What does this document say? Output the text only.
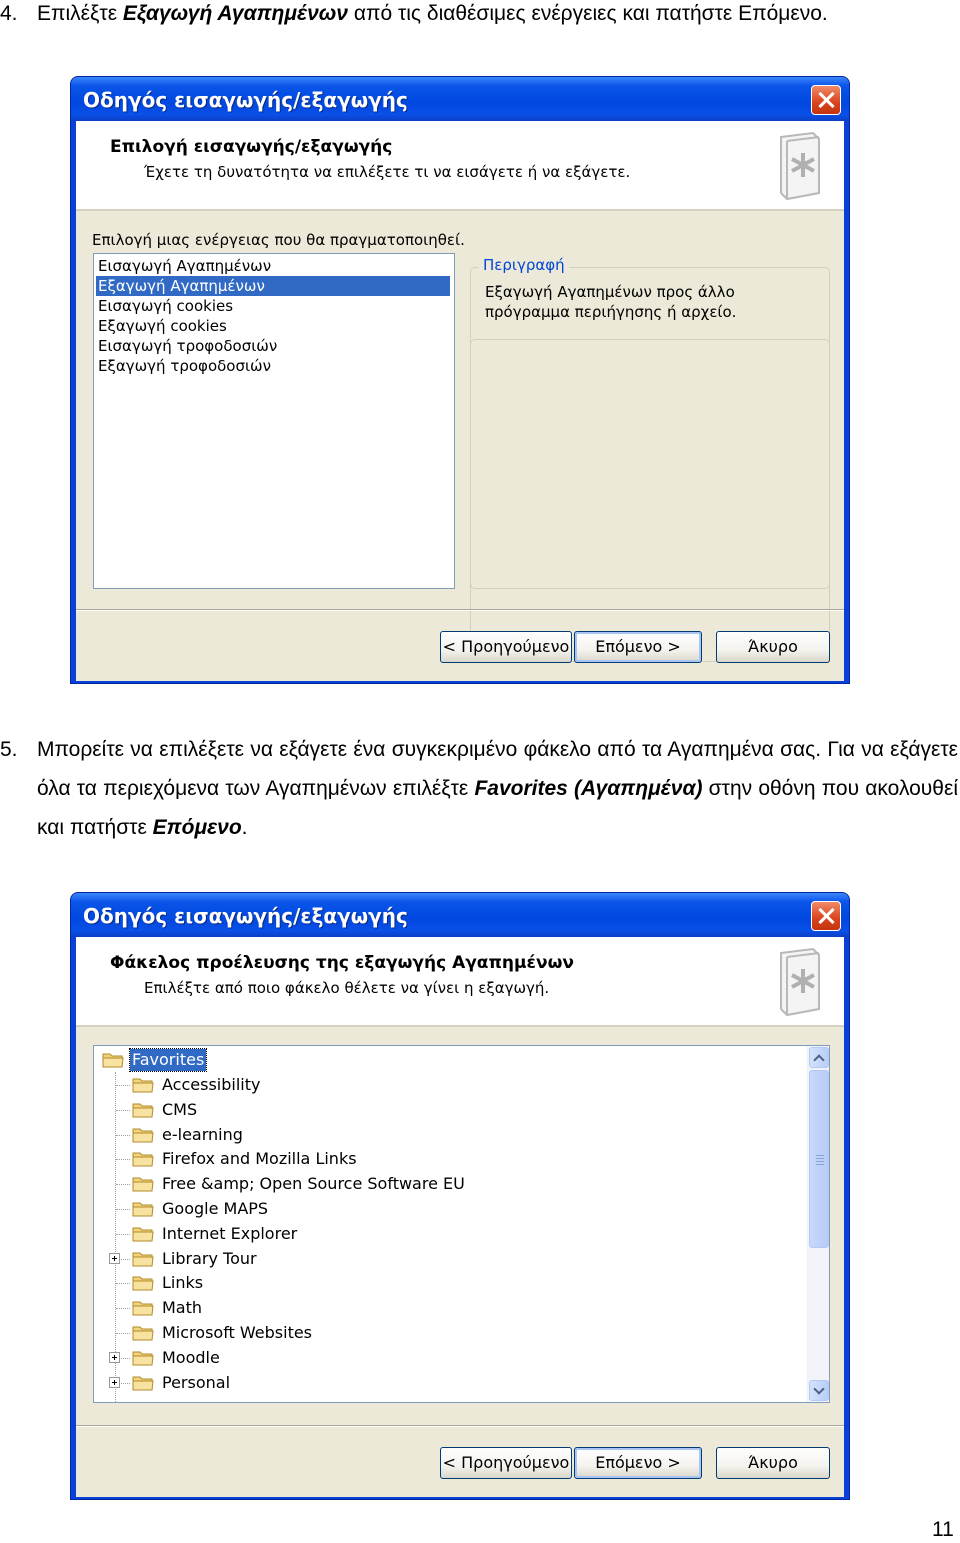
4. Επιλέξτε Εξαγωγή Αγαπημένων από τις διαθέσιμες ενέργειες και πατήστε Επόμενο.
Οδηγός εισαγωγής/εξαγωγής
Επιλογή εισαγωγής/εξαγωγής
Έχετε τη δυνατότητα να επιλέξετε τι να εισάγετε ή να εξάγετε.
Επιλογή μιας ενέργειας που θα πραγματοποιηθεί.
Εισαγωγή Αγαπημένων
Εξαγωγή Αγαπημένων
Εισαγωγή cookies
Εξαγωγή cookies
Εισαγωγή τροφοδοσιών
Εξαγωγή τροφοδοσιών
Περιγραφή
Εξαγωγή Αγαπημένων προς άλλο πρόγραμμα περιήγησης ή αρχείο.
< Προηγούμενο	Επόμενο >	Άκυρο
5. Μπορείτε να επιλέξετε να εξάγετε ένα συγκεκριμένο φάκελο από τα Αγαπημένα σας. Για να εξάγετε όλα τα περιεχόμενα των Αγαπημένων επιλέξτε Favorites (Αγαπημένα) στην οθόνη που ακολουθεί και πατήστε Επόμενο.
Οδηγός εισαγωγής/εξαγωγής
Φάκελος προέλευσης της εξαγωγής Αγαπημένων
Επιλέξτε από ποιο φάκελο θέλετε να γίνει η εξαγωγή.
Favorites
Accessibility
CMS
e-learning
Firefox and Mozilla Links
Free &amp; Open Source Software EU
Google MAPS
Internet Explorer
Library Tour
Links
Math
Microsoft Websites
Moodle
Personal
< Προηγούμενο	Επόμενο >	Άκυρο
11
